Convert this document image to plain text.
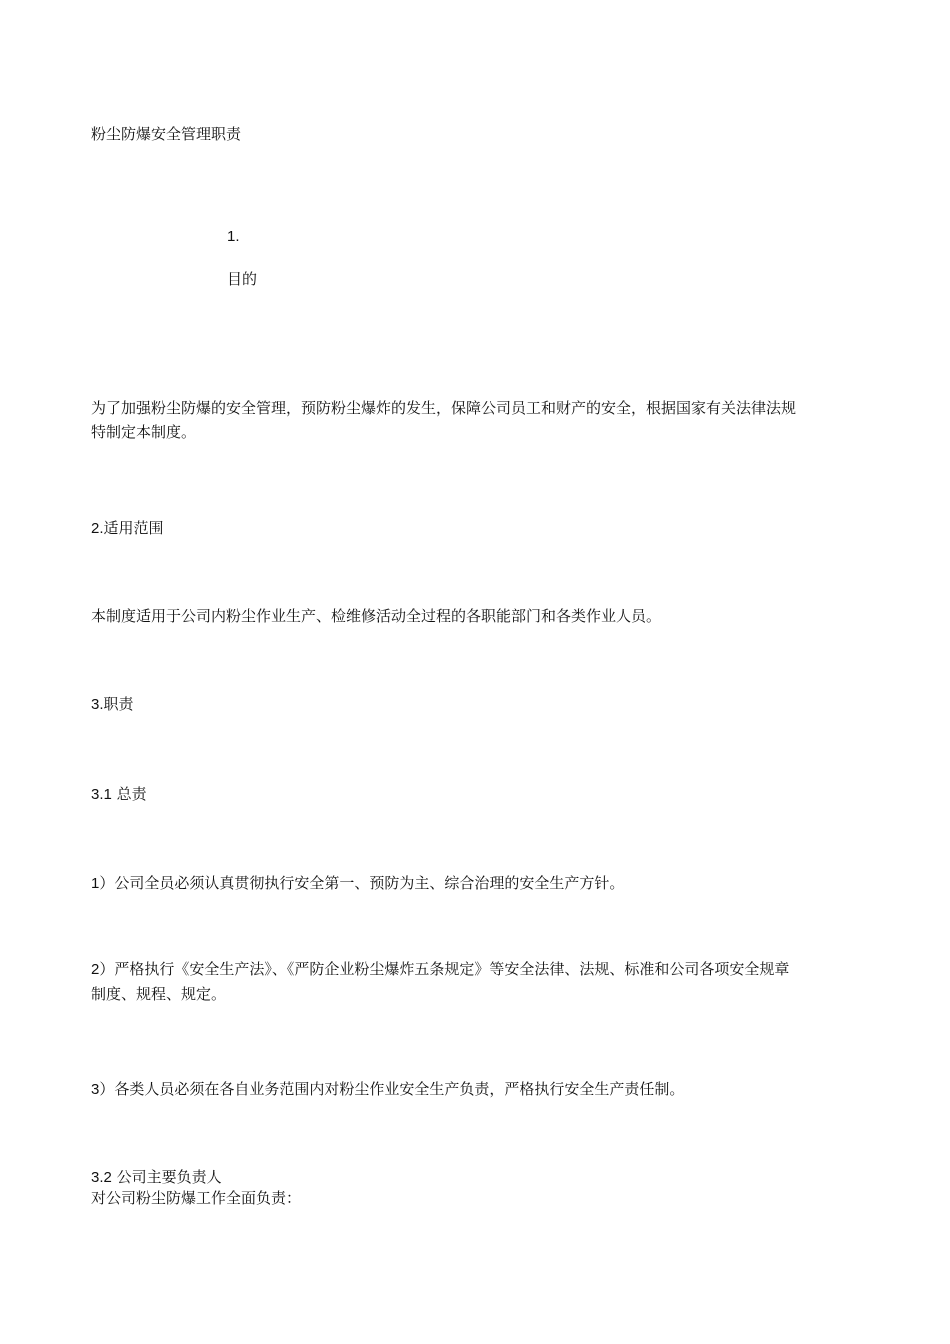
粉尘防爆安全管理职责

1.

目的

为了加强粉尘防爆的安全管理，预防粉尘爆炸的发生，保障公司员工和财产的安全，根据国家有关法律法规
特制定本制度。

2.适用范围

本制度适用于公司内粉尘作业生产、检维修活动全过程的各职能部门和各类作业人员。

3.职责

3.1 总责

1）公司全员必须认真贯彻执行安全第一、预防为主、综合治理的安全生产方针。

2）严格执行《安全生产法》、《严防企业粉尘爆炸五条规定》等安全法律、法规、标准和公司各项安全规章
制度、规程、规定。

3）各类人员必须在各自业务范围内对粉尘作业安全生产负责，严格执行安全生产责任制。

3.2 公司主要负责人

对公司粉尘防爆工作全面负责：
